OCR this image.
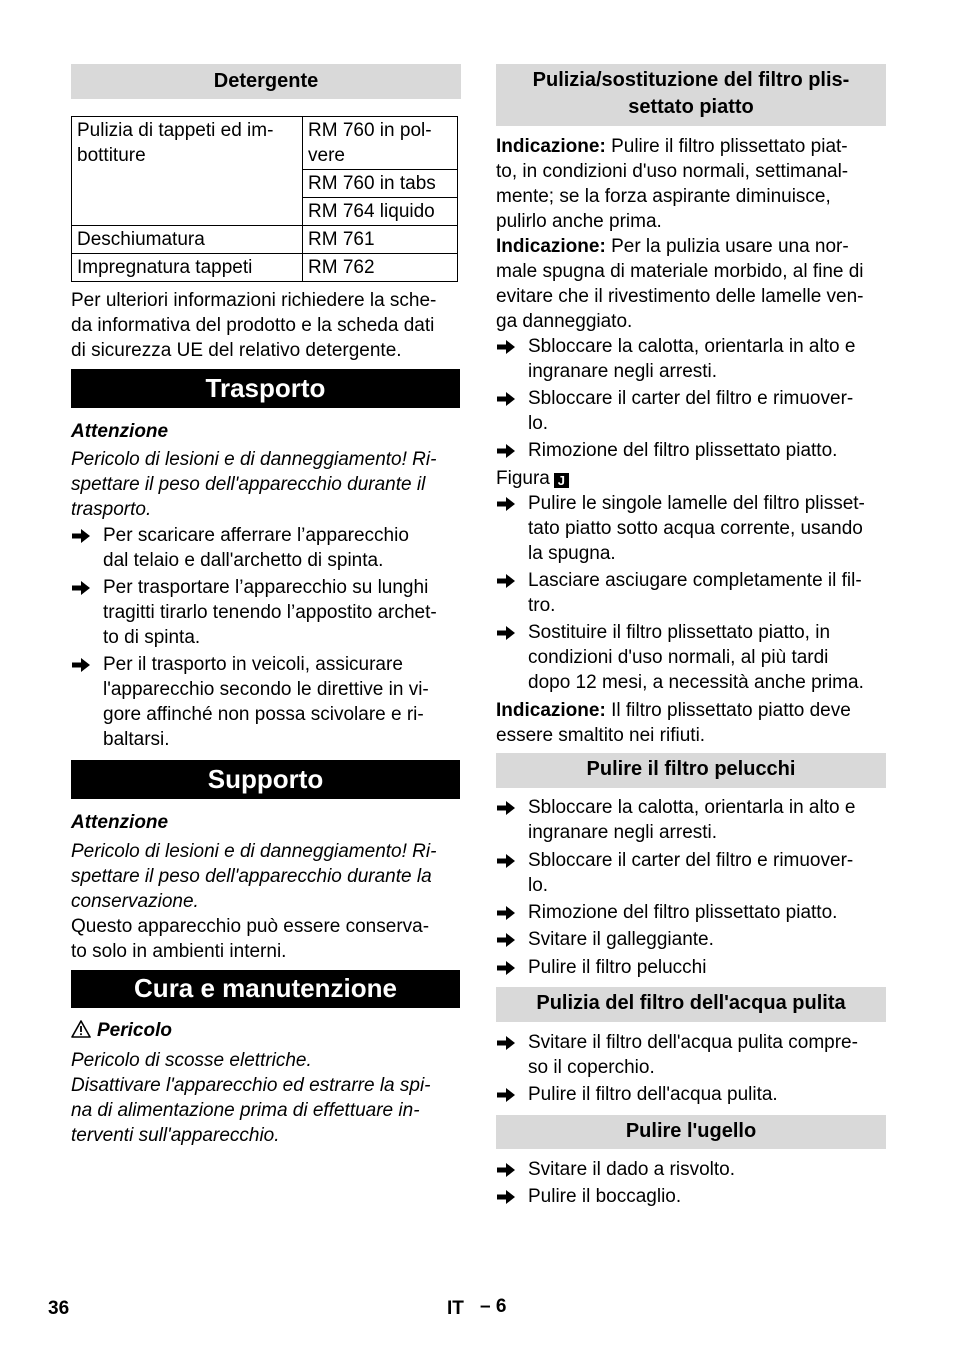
Detergente
Pulizia di tappeti ed im-
bottiture	RM 760 in pol-
vere
	RM 760 in tabs
	RM 764 liquido
Deschiumatura	RM 761
Impregnatura tappeti	RM 762
Per ulteriori informazioni richiedere la sche-
da informativa del prodotto e la scheda dati
di sicurezza UE del relativo detergente.
Trasporto
Attenzione
Pericolo di lesioni e di danneggiamento! Ri-
spettare il peso dell'apparecchio durante il
trasporto.
Per scaricare afferrare l’apparecchio
dal telaio e dall'archetto di spinta.
Per trasportare l’apparecchio su lunghi
tragitti tirarlo tenendo l’appostito archet-
to di spinta.
Per il trasporto in veicoli, assicurare
l'apparecchio secondo le direttive in vi-
gore affinché non possa scivolare e ri-
baltarsi.
Supporto
Attenzione
Pericolo di lesioni e di danneggiamento! Ri-
spettare il peso dell'apparecchio durante la
conservazione.
Questo apparecchio può essere conserva-
to solo in ambienti interni.
Cura e manutenzione
Pericolo
Pericolo di scosse elettriche.
Disattivare l'apparecchio ed estrarre la spi-
na di alimentazione prima di effettuare in-
terventi sull'apparecchio.
Pulizia/sostituzione del filtro plis-
settato piatto
Indicazione: Pulire il filtro plissettato piat-
to, in condizioni d'uso normali, settimanal-
mente; se la forza aspirante diminuisce,
pulirlo anche prima.
Indicazione: Per la pulizia usare una nor-
male spugna di materiale morbido, al fine di
evitare che il rivestimento delle lamelle ven-
ga danneggiato.
Sbloccare la calotta, orientarla in alto e
ingranare negli arresti.
Sbloccare il carter del filtro e rimuover-
lo.
Rimozione del filtro plissettato piatto.
Figura J
Pulire le singole lamelle del filtro plisset-
tato piatto sotto acqua corrente, usando
la spugna.
Lasciare asciugare completamente il fil-
tro.
Sostituire il filtro plissettato piatto, in
condizioni d'uso normali, al più tardi
dopo 12 mesi, a necessità anche prima.
Indicazione: Il filtro plissettato piatto deve
essere smaltito nei rifiuti.
Pulire il filtro pelucchi
Sbloccare la calotta, orientarla in alto e
ingranare negli arresti.
Sbloccare il carter del filtro e rimuover-
lo.
Rimozione del filtro plissettato piatto.
Svitare il galleggiante.
Pulire il filtro pelucchi
Pulizia del filtro dell'acqua pulita
Svitare il filtro dell'acqua pulita compre-
so il coperchio.
Pulire il filtro dell'acqua pulita.
Pulire l'ugello
Svitare il dado a risvolto.
Pulire il boccaglio.
36	IT – 6
